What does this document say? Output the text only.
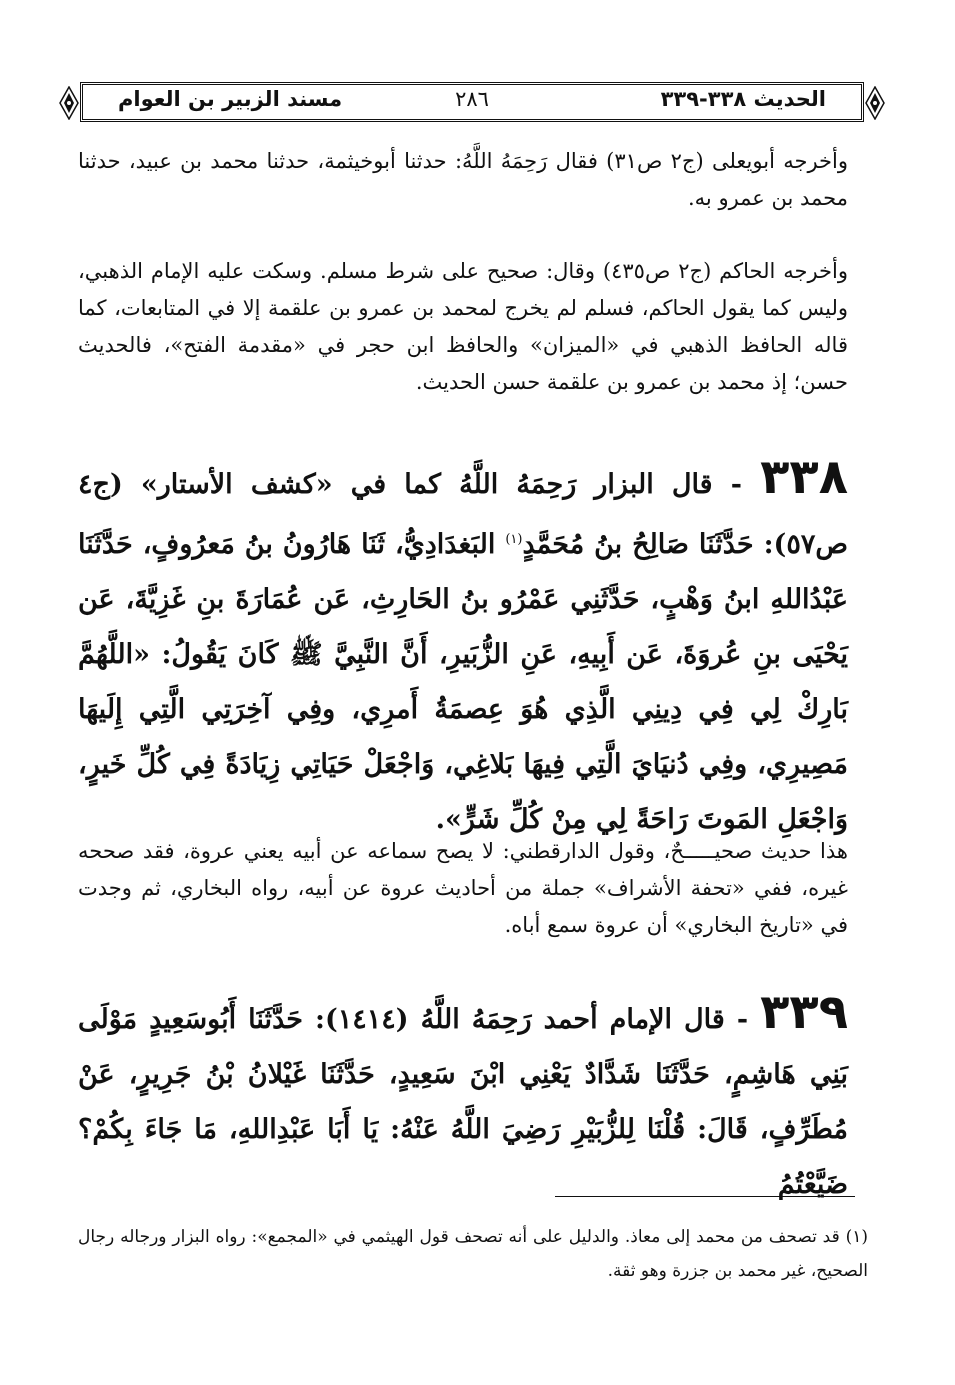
الحديث ٣٣٨-٣٣٩
٢٨٦
مسند الزبير بن العوام

وأخرجه أبويعلى (ج٢ ص٣١) فقال رَحِمَهُ اللَّهُ: حدثنا أبوخيثمة، حدثنا محمد بن عبيد، حدثنا محمد بن عمرو به.

وأخرجه الحاكم (ج٢ ص٤٣٥) وقال: صحيح على شرط مسلم. وسكت عليه الإمام الذهبي، وليس كما يقول الحاكم، فسلم لم يخرج لمحمد بن عمرو بن علقمة إلا في المتابعات، كما قاله الحافظ الذهبي في «الميزان» والحافظ ابن حجر في «مقدمة الفتح»، فالحديث حسن؛ إذ محمد بن عمرو بن علقمة حسن الحديث.

٣٣٨ - قال البزار رَحِمَهُ اللَّهُ كما في «كشف الأستار» (ج٤ ص٥٧): حَدَّثَنَا صَالِحُ بنُ مُحَمَّدٍ$^{(١)}$ البَغدَادِيُّ، ثَنَا هَارُونُ بنُ مَعرُوفٍ، حَدَّثَنَا عَبْدُاللهِ ابنُ وَهْبٍ، حَدَّثَنِي عَمْرُو بنُ الحَارِثِ، عَن عُمَارَةَ بنِ غَزِيَّةَ، عَن يَحْيَى بنِ عُروَةَ، عَن أَبِيهِ، عَنِ الزُّبَيرِ، أَنَّ النَّبِيَّ ﷺ كَانَ يَقُولُ: «اللَّهُمَّ بَارِكْ لِي فِي دِينِي الَّذِي هُوَ عِصمَةُ أَمرِي، وفِي آخِرَتِي الَّتِي إِلَيهَا مَصِيرِي، وفِي دُنيَايَ الَّتِي فِيهَا بَلاغِي، وَاجْعَلْ حَيَاتِي زِيَادَةً فِي كُلِّ خَيرٍ، وَاجْعَلِ المَوتَ رَاحَةً لِي مِنْ كُلِّ شَرٍّ».

هذا حديث صحيـــــحٌ، وقول الدارقطني: لا يصح سماعه عن أبيه يعني عروة، فقد صححه غيره، ففي «تحفة الأشراف» جملة من أحاديث عروة عن أبيه، رواه البخاري، ثم وجدت في «تاريخ البخاري» أن عروة سمع أباه.

٣٣٩ - قال الإمام أحمد رَحِمَهُ اللَّهُ (١٤١٤): حَدَّثَنَا أَبُوسَعِيدٍ مَوْلَى بَنِي هَاشِمٍ، حَدَّثَنَا شَدَّادٌ يَعْنِي ابْنَ سَعِيدٍ، حَدَّثَنَا غَيْلانُ بْنُ جَرِيرٍ، عَنْ مُطَرِّفٍ، قَالَ: قُلْنَا لِلزُّبَيْرِ رَضِيَ اللَّهُ عَنْهُ: يَا أَبَا عَبْدِاللهِ، مَا جَاءَ بِكُمْ؟ ضَيَّعْتُمُ

(١) قد تصحف من محمد إلى معاذ. والدليل على أنه تصحف قول الهيثمي في «المجمع»: رواه البزار ورجاله رجال الصحيح، غير محمد بن جزرة وهو ثقة.
